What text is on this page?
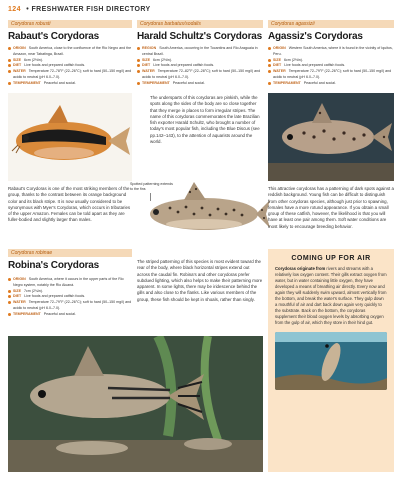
124 • FRESHWATER FISH DIRECTORY
Corydoras robusti
Rabaut's Corydoras
ORIGIN South America, close to the confluence of the Rio Negro and the Amazon, near Tabatinga, Brazil.
SIZE 6cm (2½in).
DIET Live foods and prepared catfish foods.
WATER Temperature 72–78°F (22–26°C); soft to hard (50–150 mg/l) and acidic to neutral (pH 6.0–7.0).
TEMPERAMENT Peaceful and social.
Rabaut's Corydoras is one of the most striking members of the group, thanks to the contrast between its orange background color and its black stripe. It is now usually considered to be synonymous with Myer's Corydoras, which occurs in tributaries of the upper Amazon. Females can be told apart as they are fuller-bodied and slightly larger than males.
Corydoras barbatus/sodalis
Harald Schultz's Corydoras
REGION South America, occurring in the Tocantins and Rio Araguaia in central Brazil.
SIZE 6cm (2½in).
DIET Live foods and prepared catfish foods.
WATER Temperature 72–82°F (22–28°C); soft to hard (50–150 mg/l) and acidic to neutral (pH 6.0–7.0).
TEMPERAMENT Peaceful and social.
The undersparts of this corydoras are pinkish, while the spots along the sides of the body are so close together that they merge in places to form irregular stripes. The name of this corydoras commemorates the late Brazilian fish exporter Harald Schultz, who brought a number of today's most popular fish, including the Blue Discus (see pp.142–143), to the attention of aquarists around the world.
Spotted patterning extends to the fins
Corydoras agassizii
Agassiz's Corydoras
ORIGIN Western South America, where it is found in the vicinity of Iquitos, Peru.
SIZE 6cm (2½in).
DIET Live foods and prepared catfish foods.
WATER Temperature 72–79°F (22–26°C); soft to hard (50–150 mg/l) and acidic to neutral (pH 6.0–7.0).
TEMPERAMENT Peaceful and social.
This attractive corydoras has a patterning of dark spots against a reddish background. Young fish can be difficult to distinguish from other corydoras species, although just prior to spawning, females have a more rotund appearance. If you obtain a small group of these catfish, however, the likelihood is that you will have at least one pair among them. Soft water conditions are most likely to encourage breeding behavior.
Corydoras robinae
Robina's Corydoras
ORIGIN South America, where it occurs in the upper parts of the Rio Negro system, notably the Rio Aiuaná.
SIZE 7cm (2¾in).
DIET Live foods and prepared catfish foods.
WATER Temperature 72–79°F (22–26°C); soft to hard (50–150 mg/l) and acidic to neutral (pH 6.0–7.0).
TEMPERAMENT Peaceful and social.
The striped patterning of this species is most evident toward the rear of the body, where black horizontal stripes extend out across the caudal fin. Robina's and other corydoras prefer subdued lighting, which also helps to make their patterning more apparent. In some lights, there may be iridescence behind the gills and also close to the flanks. Like various members of the group, these fish should be kept in shoals, rather than singly.
COMING UP FOR AIR

Corydoras originate from rivers and streams with a relatively low oxygen content. Their gills extract oxygen from water, but in water containing little oxygen, they have developed a means of breathing air directly. Every now and again they will suddenly swim upward, almost vertically from the bottom, and break the water's surface. They gulp down a mouthful of air and dart back down again very quickly to the substrate. Back on the bottom, the corydoras supplement their blood oxygen levels by absorbing oxygen from the gulp of air, which they store in their hind gut.
